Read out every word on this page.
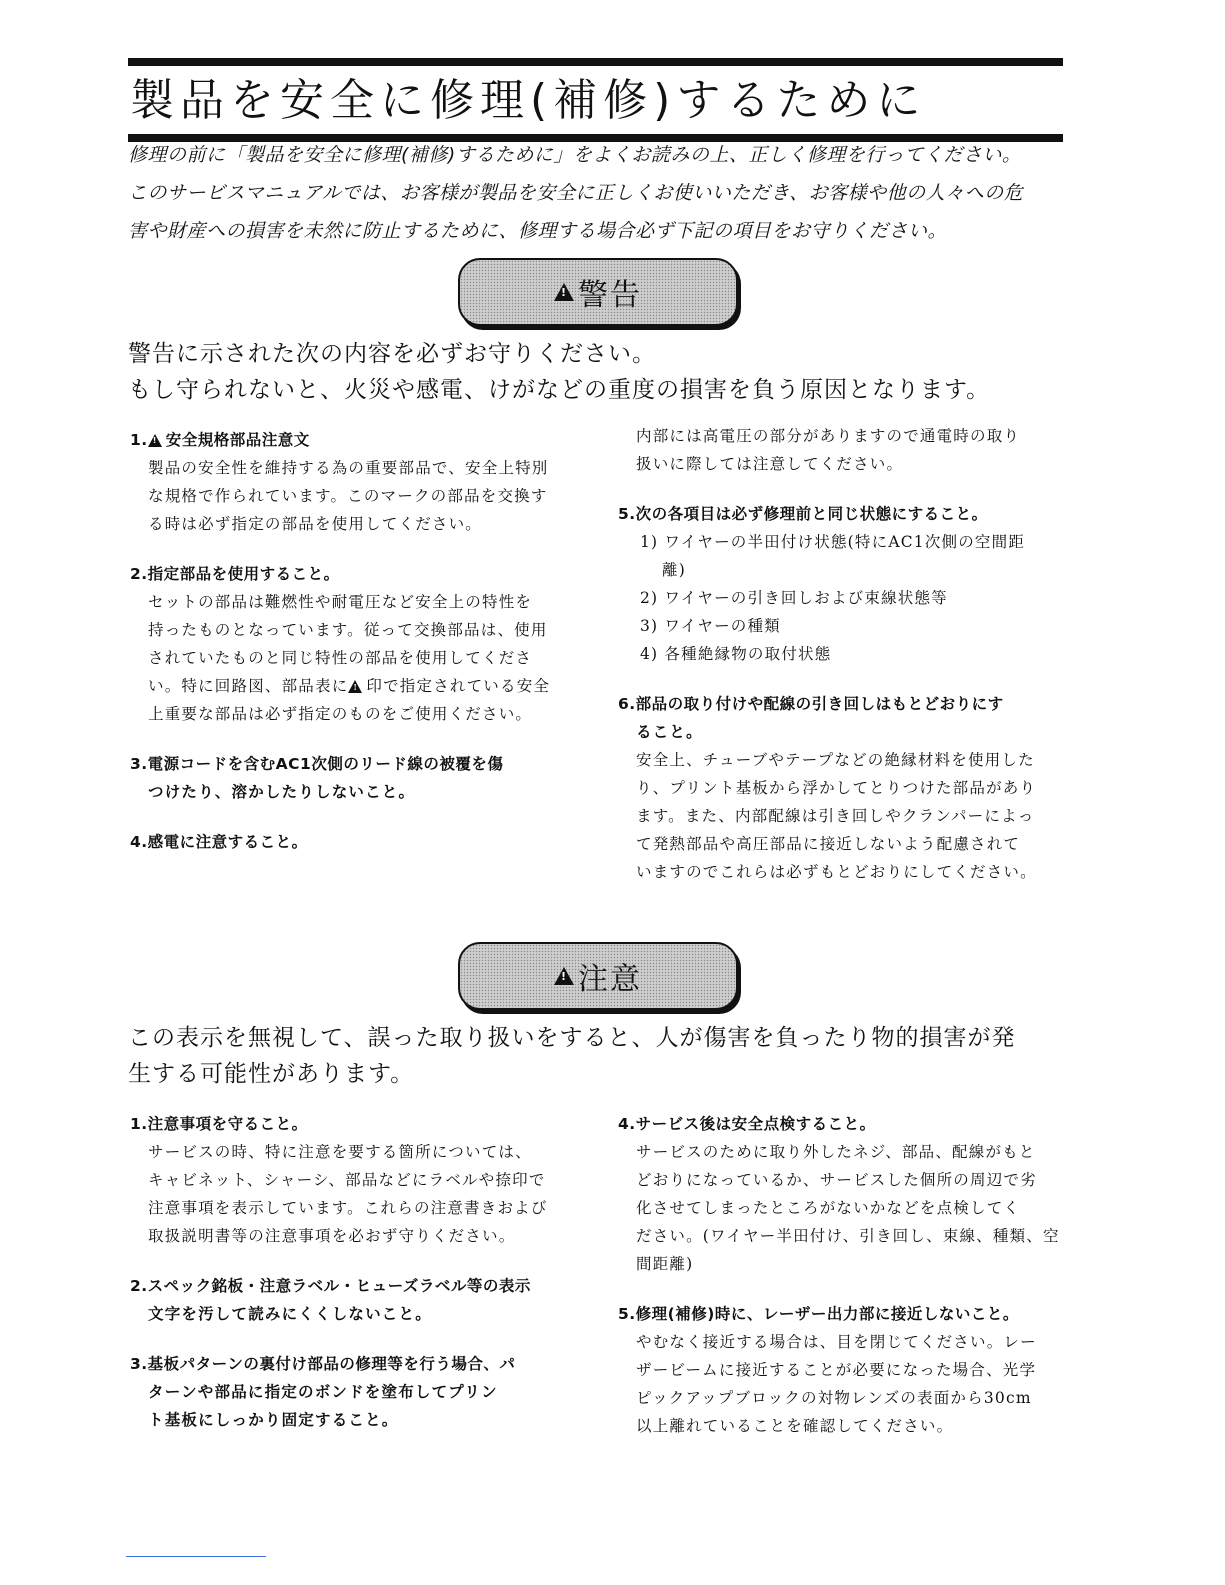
製品を安全に修理(補修)するために

修理の前に「製品を安全に修理(補修)するために」をよくお読みの上、正しく修理を行ってください。

このサービスマニュアルでは、お客様が製品を安全に正しくお使いいただき、お客様や他の人々への危

害や財産への損害を未然に防止するために、修理する場合必ず下記の項目をお守りください。

!
警告

警告に示された次の内容を必ずお守りください。

もし守られないと、火災や感電、けがなどの重度の損害を負う原因となります。

1. ! 安全規格部品注意文
製品の安全性を維持する為の重要部品で、安全上特別
な規格で作られています。このマークの部品を交換す
る時は必ず指定の部品を使用してください。
2.指定部品を使用すること。
セットの部品は難燃性や耐電圧など安全上の特性を
持ったものとなっています。従って交換部品は、使用
されていたものと同じ特性の部品を使用してくださ
い。特に回路図、部品表に ! 印で指定されている安全
上重要な部品は必ず指定のものをご使用ください。
3.電源コードを含むAC1次側のリード線の被覆を傷
つけたり、溶かしたりしないこと。
4.感電に注意すること。
内部には高電圧の部分がありますので通電時の取り
扱いに際しては注意してください。
5.次の各項目は必ず修理前と同じ状態にすること。
1) ワイヤーの半田付け状態(特にAC1次側の空間距
離)
2) ワイヤーの引き回しおよび束線状態等
3) ワイヤーの種類
4) 各種絶縁物の取付状態
6.部品の取り付けや配線の引き回しはもとどおりにす
ること。
安全上、チューブやテープなどの絶縁材料を使用した
り、プリント基板から浮かしてとりつけた部品があり
ます。また、内部配線は引き回しやクランパーによっ
て発熱部品や高圧部品に接近しないよう配慮されて
いますのでこれらは必ずもとどおりにしてください。
!
注意

この表示を無視して、誤った取り扱いをすると、人が傷害を負ったり物的損害が発

生する可能性があります。

1.注意事項を守ること。
サービスの時、特に注意を要する箇所については、
キャビネット、シャーシ、部品などにラベルや捺印で
注意事項を表示しています。これらの注意書きおよび
取扱説明書等の注意事項を必おず守りください。
2.スペック銘板・注意ラベル・ヒューズラベル等の表示
文字を汚して読みにくくしないこと。
3.基板パターンの裏付け部品の修理等を行う場合、パ
ターンや部品に指定のボンドを塗布してプリン
ト基板にしっかり固定すること。
4.サービス後は安全点検すること。
サービスのために取り外したネジ、部品、配線がもと
どおりになっているか、サービスした個所の周辺で劣
化させてしまったところがないかなどを点検してく
ださい。(ワイヤー半田付け、引き回し、束線、種類、空
間距離)
5.修理(補修)時に、レーザー出力部に接近しないこと。
やむなく接近する場合は、目を閉じてください。レー
ザービームに接近することが必要になった場合、光学
ピックアップブロックの対物レンズの表面から30cm
以上離れていることを確認してください。
